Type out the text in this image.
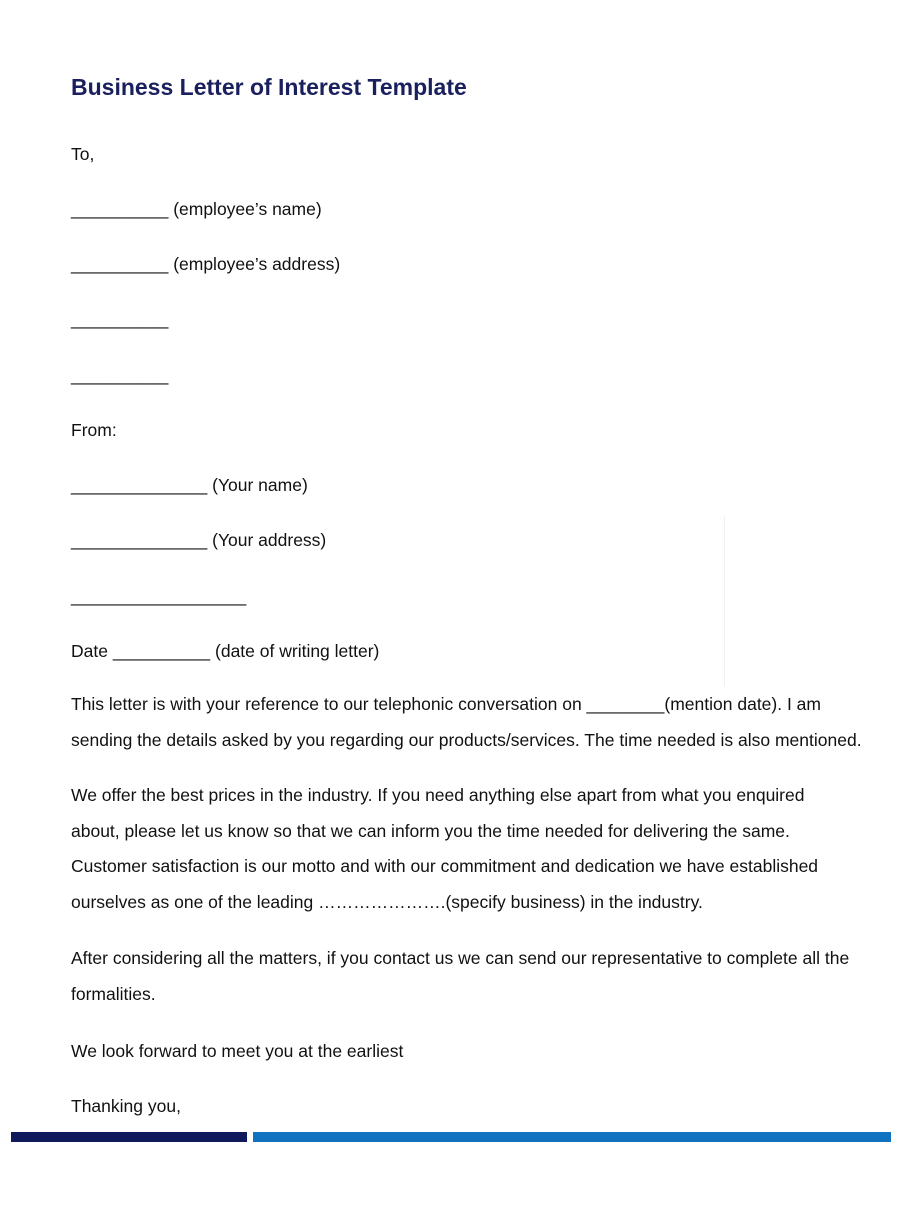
Business Letter of Interest Template

To,

__________ (employee’s name)

__________ (employee’s address)

__________

__________

From:

______________ (Your name)

______________ (Your address)

__________________

Date __________ (date of writing letter)

This letter is with your reference to our telephonic conversation on ________(mention date). I am
sending the details asked by you regarding our products/services. The time needed is also mentioned.
We offer the best prices in the industry. If you need anything else apart from what you enquired
about, please let us know so that we can inform you the time needed for delivering the same.
Customer satisfaction is our motto and with our commitment and dedication we have established
ourselves as one of the leading ………………….(specify business) in the industry.
After considering all the matters, if you contact us we can send our representative to complete all the
formalities.

We look forward to meet you at the earliest

Thanking you,
